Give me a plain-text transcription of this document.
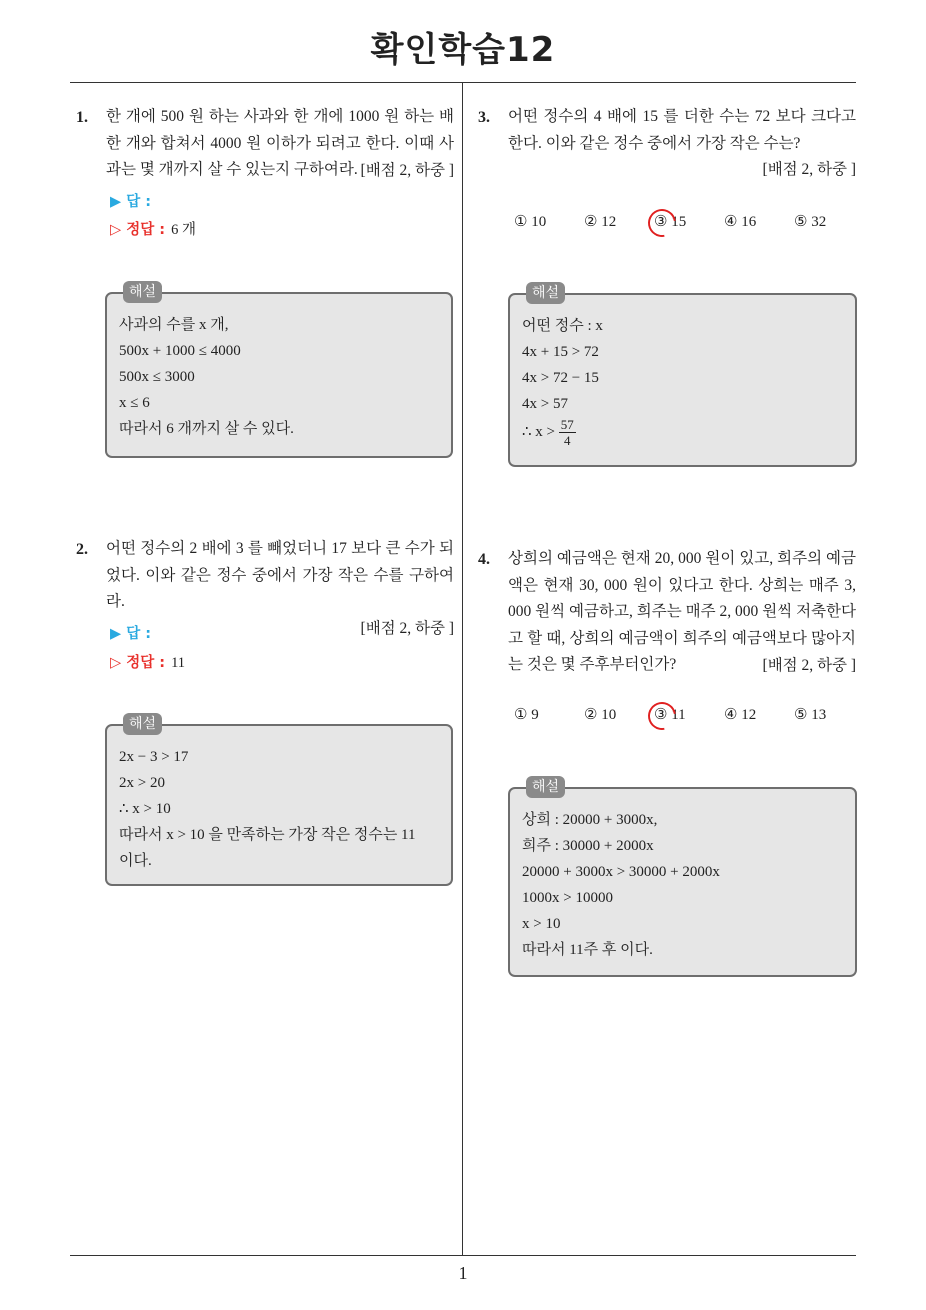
확인학습12
1
1. 한 개에 500 원 하는 사과와 한 개에 1000 원 하는 배 한 개와 합쳐서 4000 원 이하가 되려고 한다. 이때 사과는 몇 개까지 살 수 있는지 구하여라. [배점 2, 하중 ]
▶ 답 :
▷ 정답 : 6 개
해설
사과의 수를 x 개,
500x + 1000 ≤ 4000
500x ≤ 3000
x ≤ 6
따라서 6 개까지 살 수 있다.
2. 어떤 정수의 2 배에 3 를 빼었더니 17 보다 큰 수가 되었다. 이와 같은 정수 중에서 가장 작은 수를 구하여라.
[배점 2, 하중 ]
▶ 답 :
▷ 정답 : 11
해설
2x − 3 > 17
2x > 20
∴ x > 10
따라서 x > 10 을 만족하는 가장 작은 정수는 11
이다.
3. 어떤 정수의 4 배에 15 를 더한 수는 72 보다 크다고 한다. 이와 같은 정수 중에서 가장 작은 수는?
[배점 2, 하중 ]
① 10	② 12	③ 15	④ 16	⑤ 32
해설
어떤 정수 : x
4x + 15 > 72
4x > 72 − 15
4x > 57
∴ $x > \frac{57}{4}$
4. 상희의 예금액은 현재 20, 000 원이 있고, 희주의 예금액은 현재 30, 000 원이 있다고 한다. 상희는 매주 3, 000 원씩 예금하고, 희주는 매주 2, 000 원씩 저축한다고 할 때, 상희의 예금액이 희주의 예금액보다 많아지는 것은 몇 주후부터인가?	[배점 2, 하중 ]
① 9	② 10	③ 11	④ 12	⑤ 13
해설
상희 : 20000 + 3000x,
희주 : 30000 + 2000x
20000 + 3000x > 30000 + 2000x
1000x > 10000
x > 10
따라서 11주 후 이다.
